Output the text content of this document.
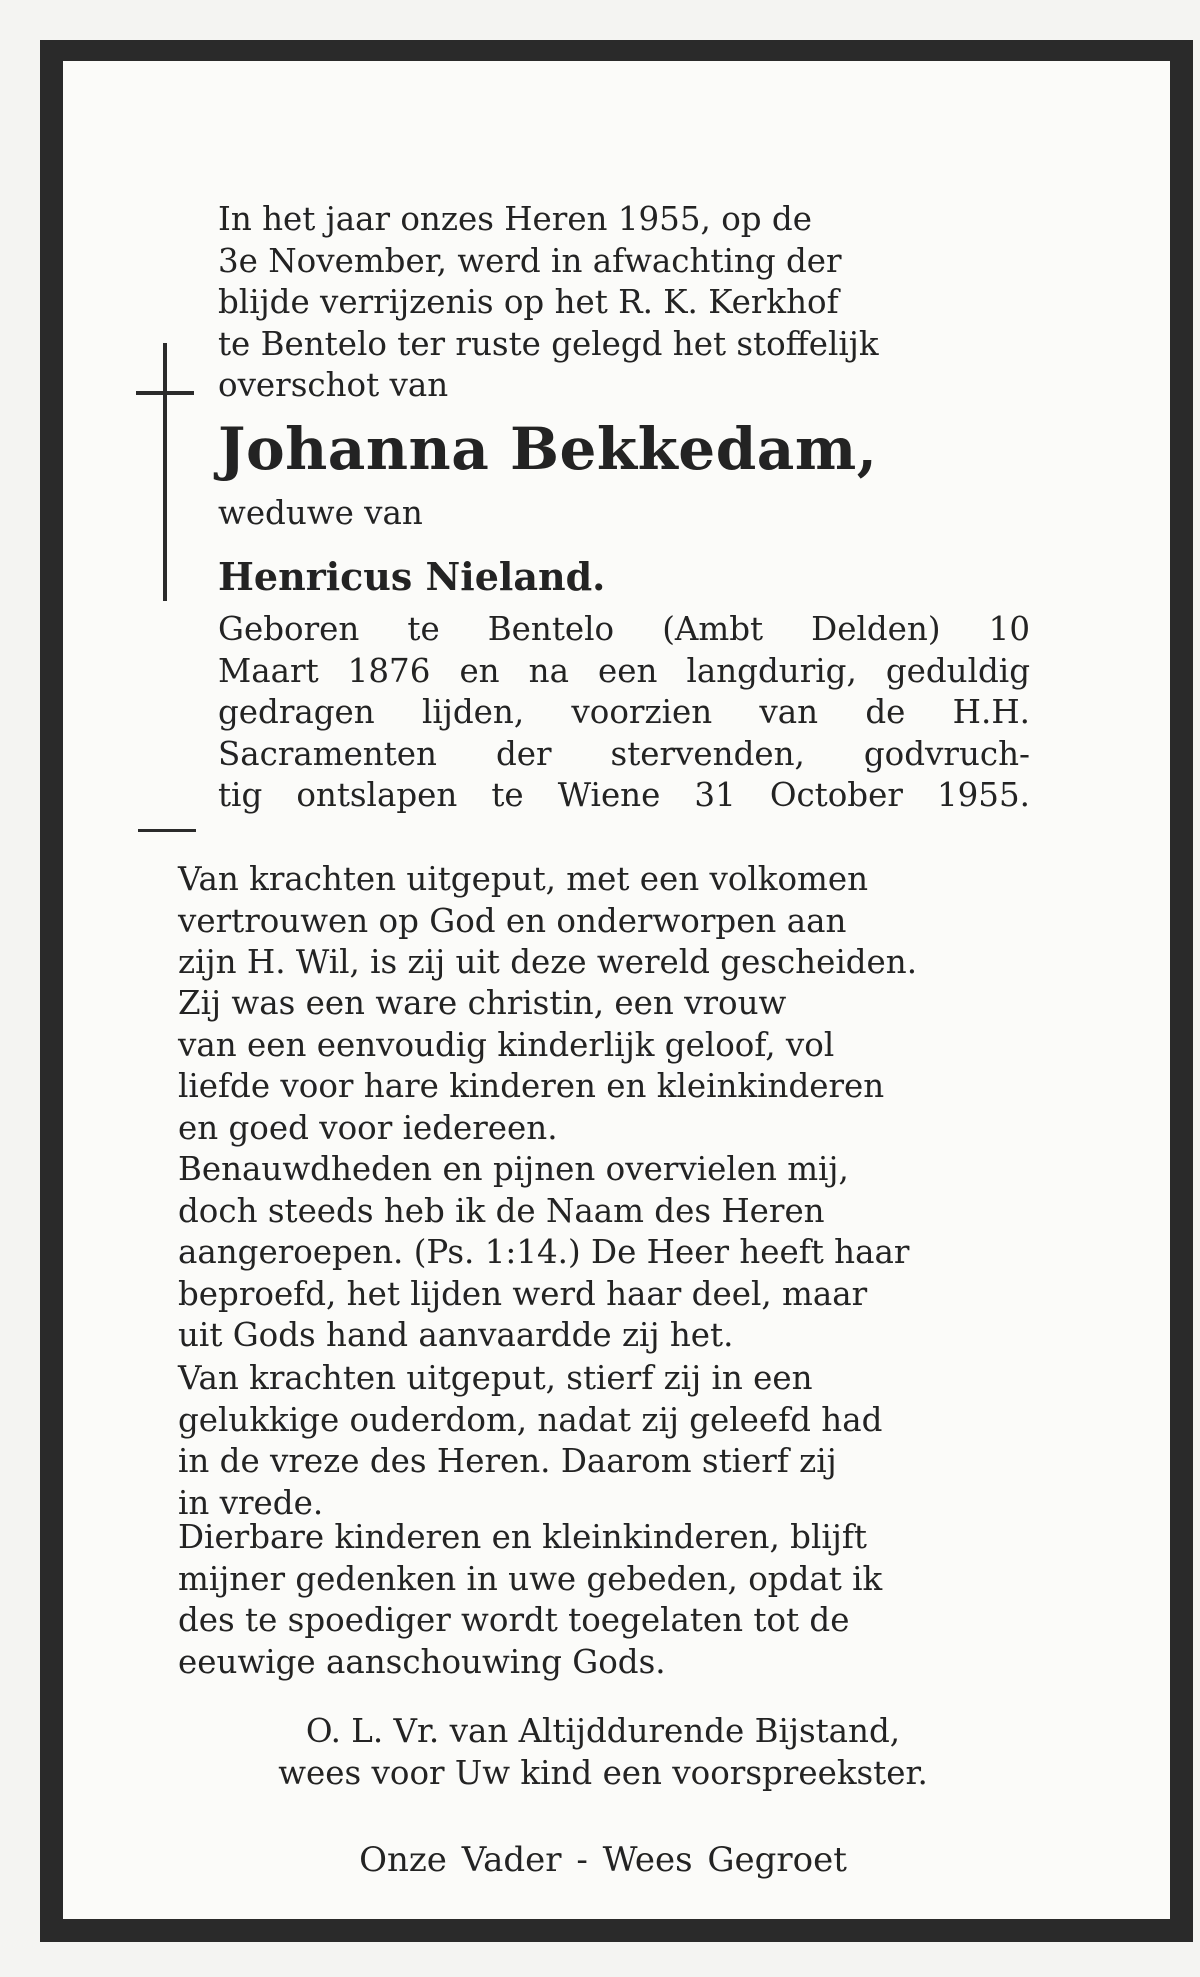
In het jaar onzes Heren 1955, op de
3e November, werd in afwachting der
blijde verrijzenis op het R. K. Kerkhof
te Bentelo ter ruste gelegd het stoffelijk
overschot van
Johanna Bekkedam,
weduwe van
Henricus Nieland.
Geboren te Bentelo (Ambt Delden) 10
Maart 1876 en na een langdurig, geduldig
gedragen lijden, voorzien van de H.H.
Sacramenten der stervenden, godvruch-
tig ontslapen te Wiene 31 October 1955.
Van krachten uitgeput, met een volkomen
vertrouwen op God en onderworpen aan
zijn H. Wil, is zij uit deze wereld gescheiden.
Zij was een ware christin, een vrouw
van een eenvoudig kinderlijk geloof, vol
liefde voor hare kinderen en kleinkinderen
en goed voor iedereen.
Benauwdheden en pijnen overvielen mij,
doch steeds heb ik de Naam des Heren
aangeroepen. (Ps. 1:14.) De Heer heeft haar
beproefd, het lijden werd haar deel, maar
uit Gods hand aanvaardde zij het.
Van krachten uitgeput, stierf zij in een
gelukkige ouderdom, nadat zij geleefd had
in de vreze des Heren. Daarom stierf zij
in vrede.
Dierbare kinderen en kleinkinderen, blijft
mijner gedenken in uwe gebeden, opdat ik
des te spoediger wordt toegelaten tot de
eeuwige aanschouwing Gods.
O. L. Vr. van Altijddurende Bijstand,
wees voor Uw kind een voorspreekster.
Onze Vader - Wees Gegroet
